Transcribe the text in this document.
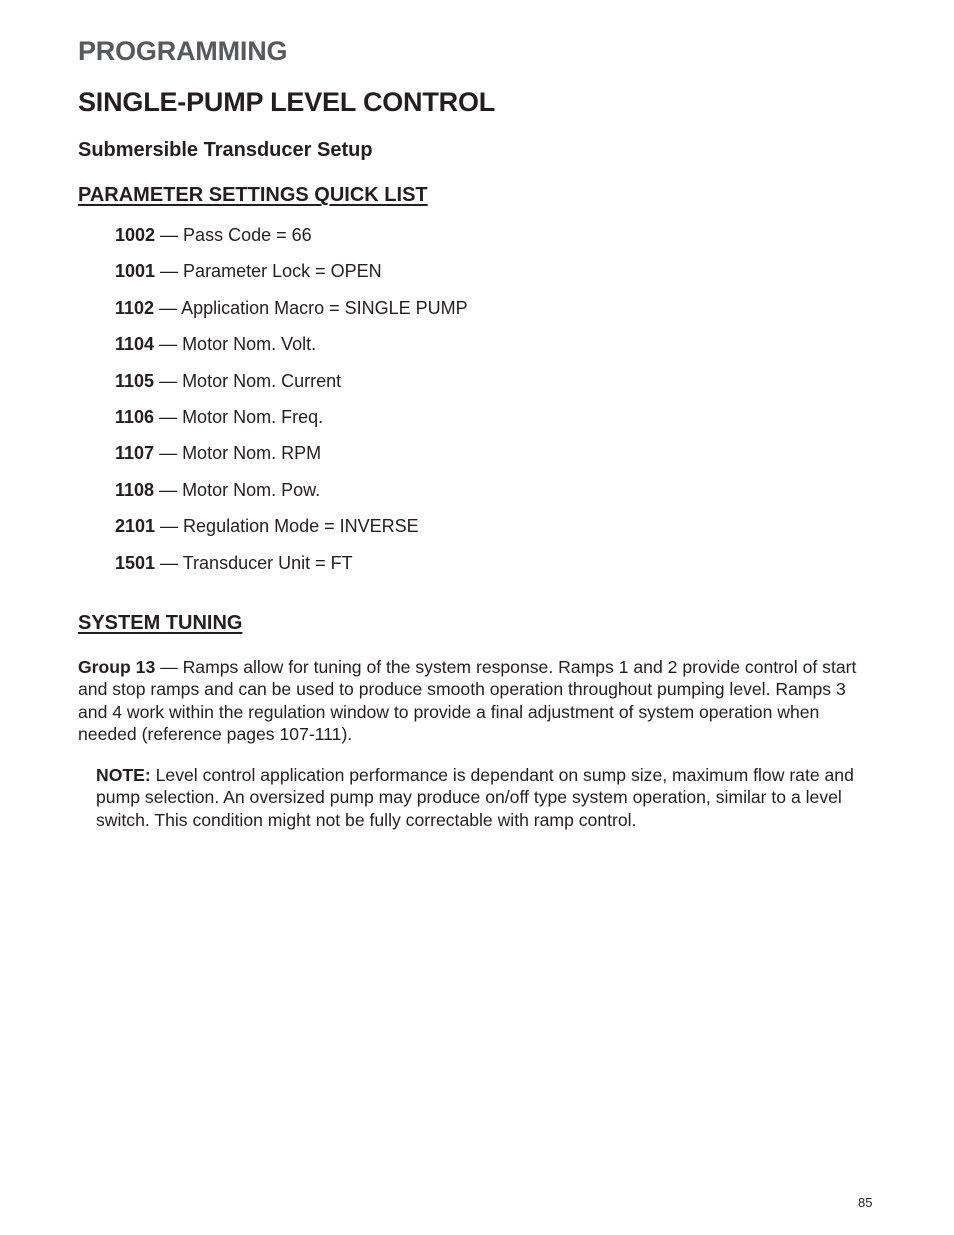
PROGRAMMING
SINGLE-PUMP LEVEL CONTROL
Submersible Transducer Setup
PARAMETER SETTINGS QUICK LIST
1002 — Pass Code = 66
1001 — Parameter Lock = OPEN
1102 — Application Macro = SINGLE PUMP
1104 — Motor Nom. Volt.
1105 — Motor Nom. Current
1106 — Motor Nom. Freq.
1107 — Motor Nom. RPM
1108 — Motor Nom. Pow.
2101 — Regulation Mode = INVERSE
1501 — Transducer Unit = FT
SYSTEM TUNING

Group 13 — Ramps allow for tuning of the system response. Ramps 1 and 2 provide control of start and stop ramps and can be used to produce smooth operation throughout pumping level. Ramps 3 and 4 work within the regulation window to provide a final adjustment of system operation when needed (reference pages 107-111).

NOTE: Level control application performance is dependant on sump size, maximum flow rate and pump selection. An oversized pump may produce on/off type system operation, similar to a level switch. This condition might not be fully correctable with ramp control.

85
